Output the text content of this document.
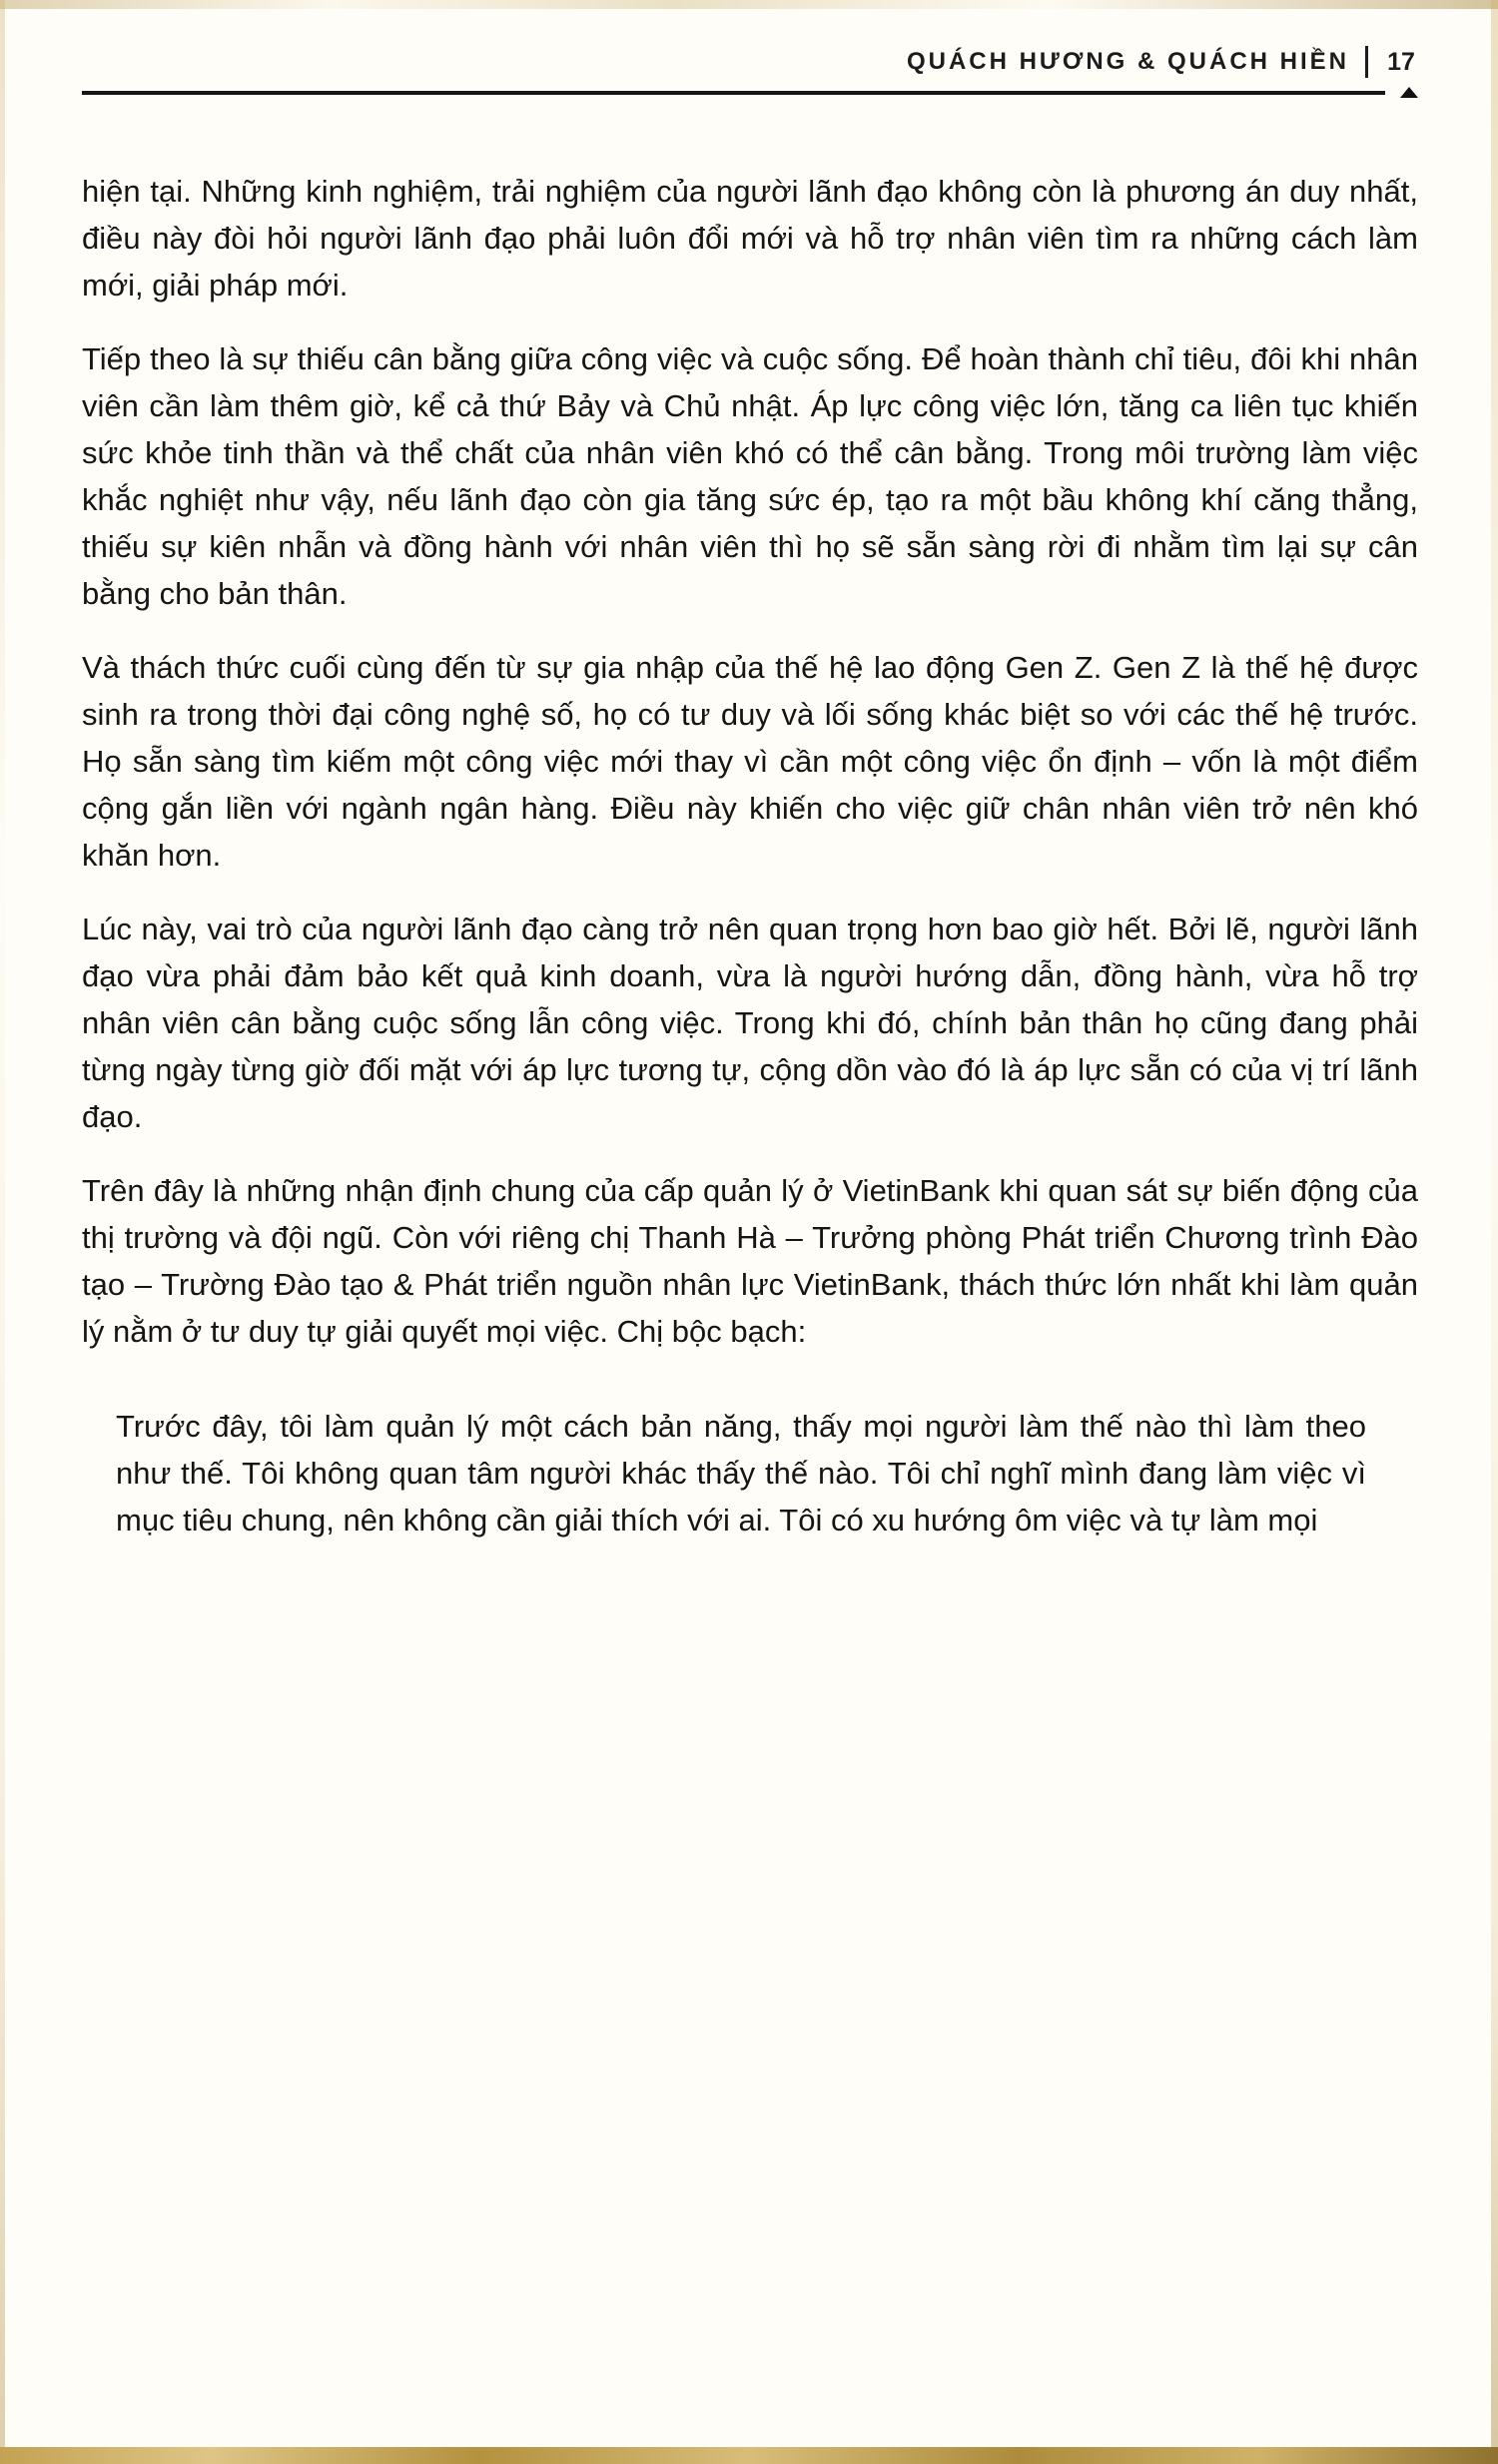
QUÁCH HƯƠNG & QUÁCH HIỀN 17

hiện tại. Những kinh nghiệm, trải nghiệm của người lãnh đạo không còn là phương án duy nhất, điều này đòi hỏi người lãnh đạo phải luôn đổi mới và hỗ trợ nhân viên tìm ra những cách làm mới, giải pháp mới.

Tiếp theo là sự thiếu cân bằng giữa công việc và cuộc sống. Để hoàn thành chỉ tiêu, đôi khi nhân viên cần làm thêm giờ, kể cả thứ Bảy và Chủ nhật. Áp lực công việc lớn, tăng ca liên tục khiến sức khỏe tinh thần và thể chất của nhân viên khó có thể cân bằng. Trong môi trường làm việc khắc nghiệt như vậy, nếu lãnh đạo còn gia tăng sức ép, tạo ra một bầu không khí căng thẳng, thiếu sự kiên nhẫn và đồng hành với nhân viên thì họ sẽ sẵn sàng rời đi nhằm tìm lại sự cân bằng cho bản thân.

Và thách thức cuối cùng đến từ sự gia nhập của thế hệ lao động Gen Z. Gen Z là thế hệ được sinh ra trong thời đại công nghệ số, họ có tư duy và lối sống khác biệt so với các thế hệ trước. Họ sẵn sàng tìm kiếm một công việc mới thay vì cần một công việc ổn định – vốn là một điểm cộng gắn liền với ngành ngân hàng. Điều này khiến cho việc giữ chân nhân viên trở nên khó khăn hơn.

Lúc này, vai trò của người lãnh đạo càng trở nên quan trọng hơn bao giờ hết. Bởi lẽ, người lãnh đạo vừa phải đảm bảo kết quả kinh doanh, vừa là người hướng dẫn, đồng hành, vừa hỗ trợ nhân viên cân bằng cuộc sống lẫn công việc. Trong khi đó, chính bản thân họ cũng đang phải từng ngày từng giờ đối mặt với áp lực tương tự, cộng dồn vào đó là áp lực sẵn có của vị trí lãnh đạo.

Trên đây là những nhận định chung của cấp quản lý ở VietinBank khi quan sát sự biến động của thị trường và đội ngũ. Còn với riêng chị Thanh Hà – Trưởng phòng Phát triển Chương trình Đào tạo – Trường Đào tạo & Phát triển nguồn nhân lực VietinBank, thách thức lớn nhất khi làm quản lý nằm ở tư duy tự giải quyết mọi việc. Chị bộc bạch:

Trước đây, tôi làm quản lý một cách bản năng, thấy mọi người làm thế nào thì làm theo như thế. Tôi không quan tâm người khác thấy thế nào. Tôi chỉ nghĩ mình đang làm việc vì mục tiêu chung, nên không cần giải thích với ai. Tôi có xu hướng ôm việc và tự làm mọi
